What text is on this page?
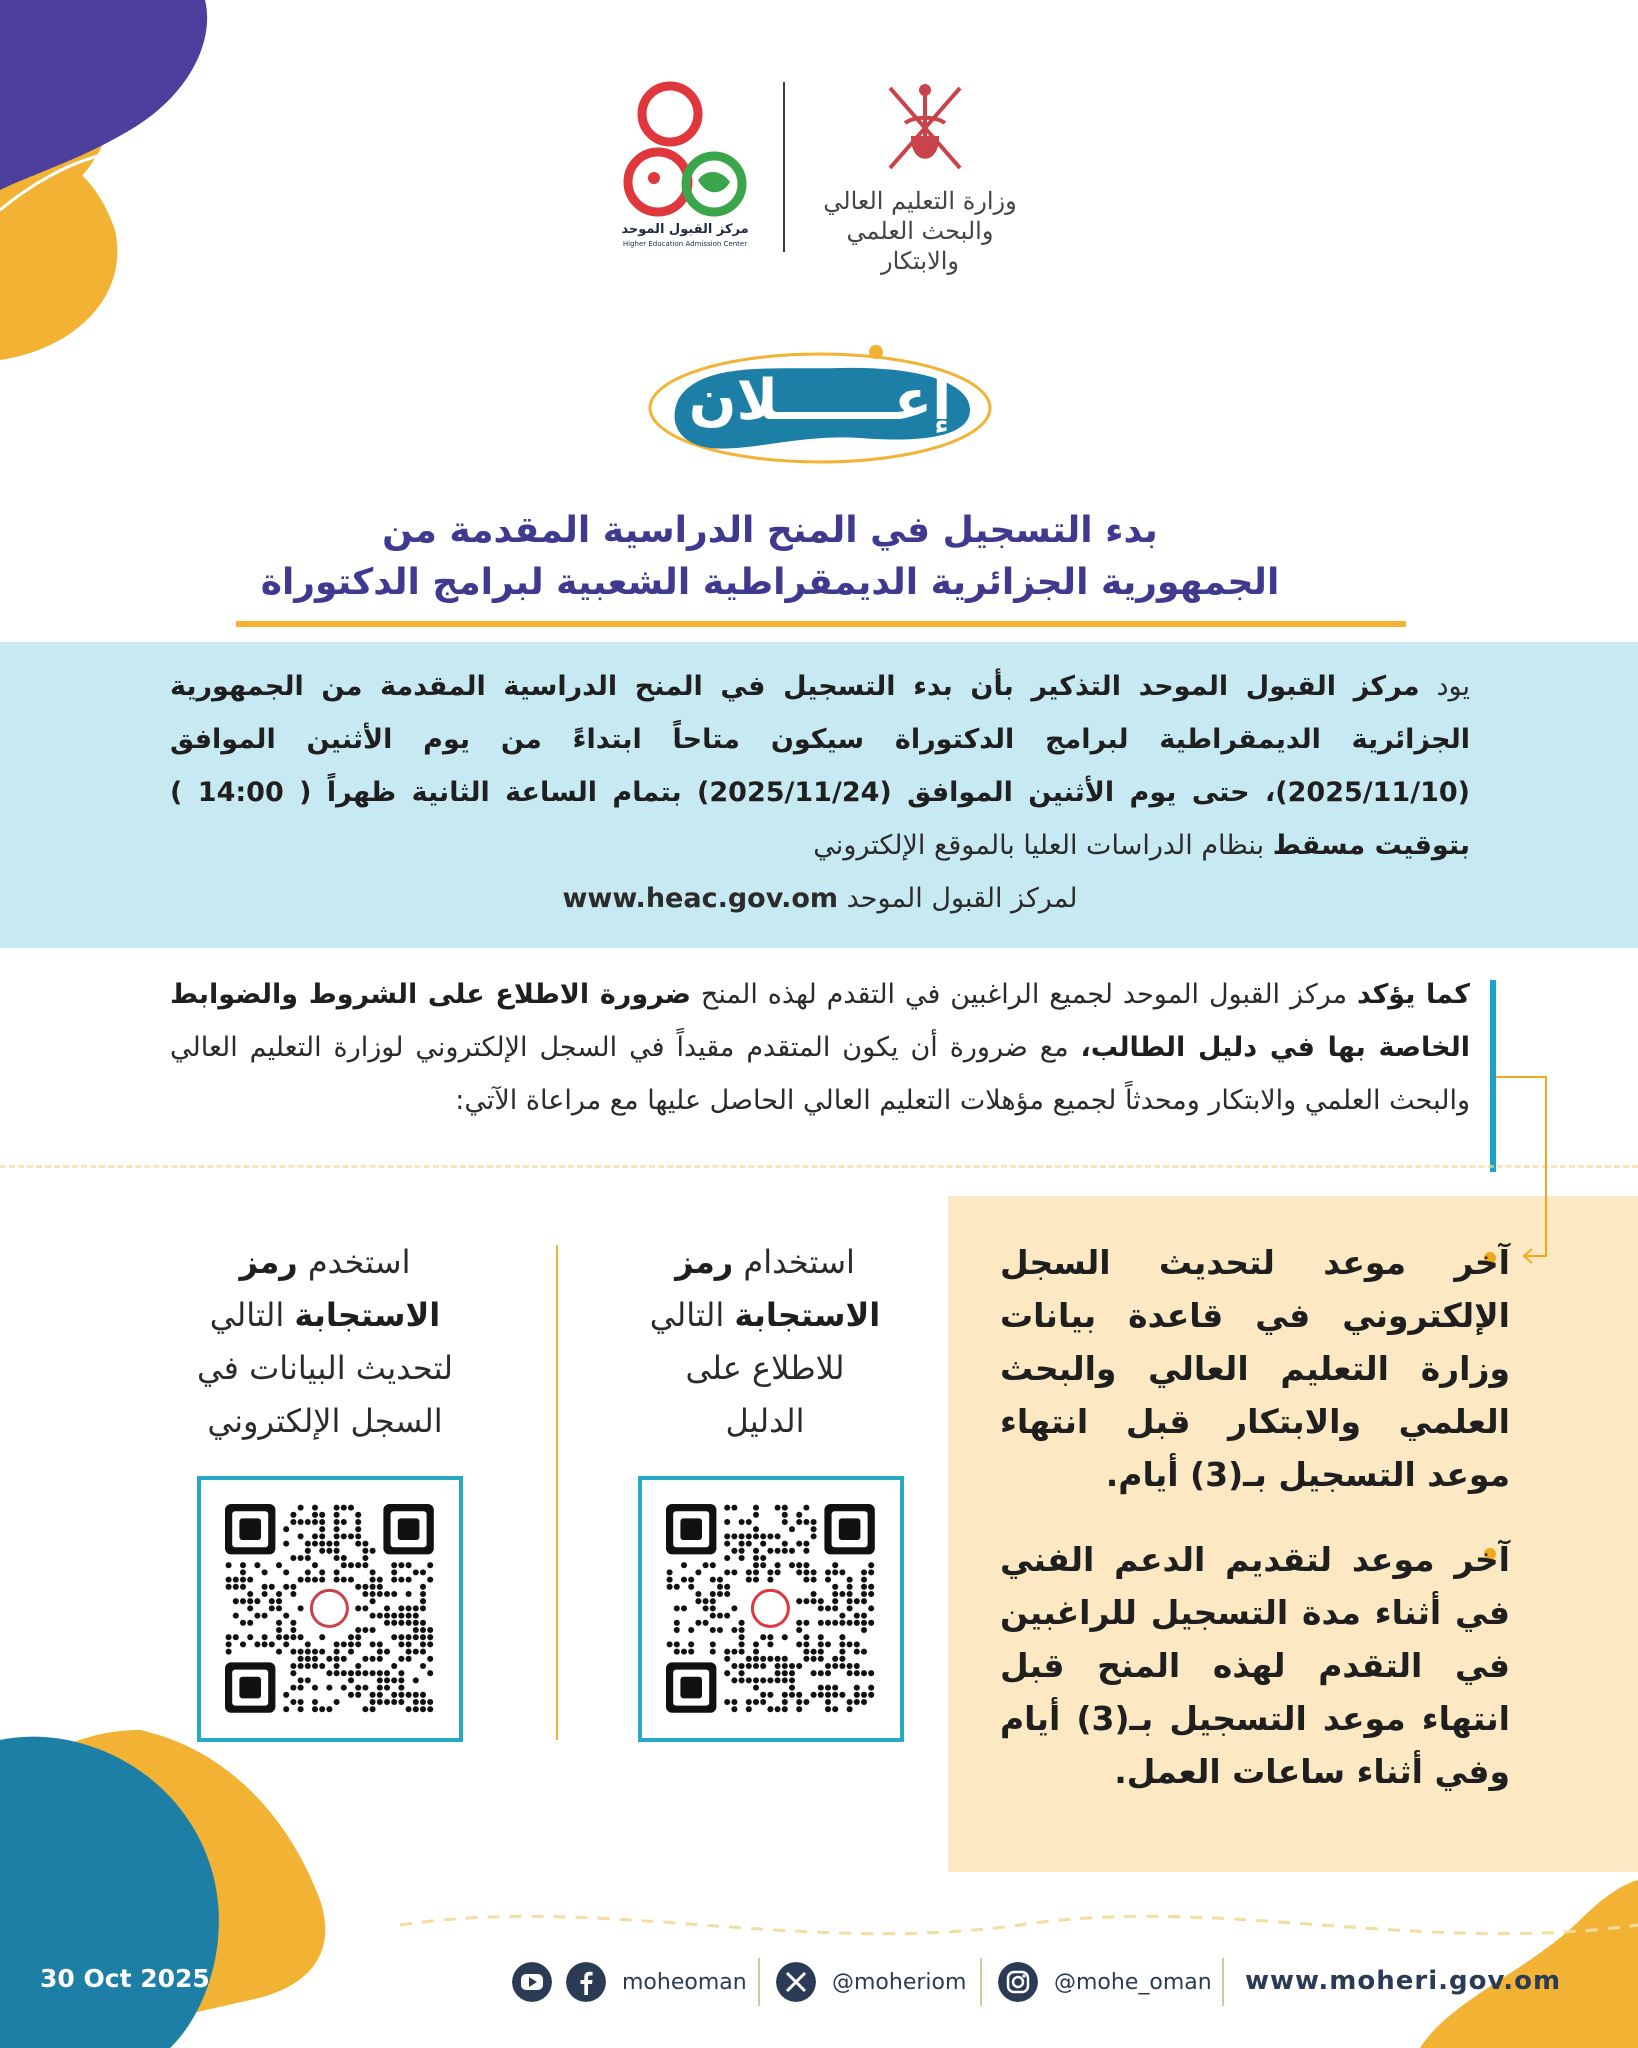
مركز القبول الموحد
Higher Education Admission Center
وزارة التعليم العالي
والبحث العلمي والابتكار
إعــــــلان
بدء التسجيل في المنح الدراسية المقدمة من
الجمهورية الجزائرية الديمقراطية الشعبية لبرامج الدكتوراة
يود مركز القبول الموحد التذكير بأن بدء التسجيل في المنح الدراسية المقدمة من الجمهورية الجزائرية الديمقراطية لبرامج الدكتوراة سيكون متاحاً ابتداءً من يوم الأثنين الموافق (2025/11/10)، حتى يوم الأثنين الموافق (2025/11/24) بتمام الساعة الثانية ظهراً ( 14:00 ) بتوقيت مسقط بنظام الدراسات العليا بالموقع الإلكتروني
لمركز القبول الموحد www.heac.gov.om
كما يؤكد مركز القبول الموحد لجميع الراغبين في التقدم لهذه المنح ضرورة الاطلاع على الشروط والضوابط الخاصة بها في دليل الطالب، مع ضرورة أن يكون المتقدم مقيداً في السجل الإلكتروني لوزارة التعليم العالي والبحث العلمي والابتكار ومحدثاً لجميع مؤهلات التعليم العالي الحاصل عليها مع مراعاة الآتي:
آخر موعد لتحديث السجل الإلكتروني في قاعدة بيانات وزارة التعليم العالي والبحث العلمي والابتكار قبل انتهاء موعد التسجيل بـ(3) أيام.
آخر موعد لتقديم الدعم الفني في أثناء مدة التسجيل للراغبين في التقدم لهذه المنح قبل انتهاء موعد التسجيل بـ(3) أيام وفي أثناء ساعات العمل.
استخدام رمز
الاستجابة التالي
للاطلاع على
الدليل
استخدم رمز
الاستجابة التالي
لتحديث البيانات في
السجل الإلكتروني
30 Oct 2025	moheoman	@moheriom	@mohe_oman www.moheri.gov.om
